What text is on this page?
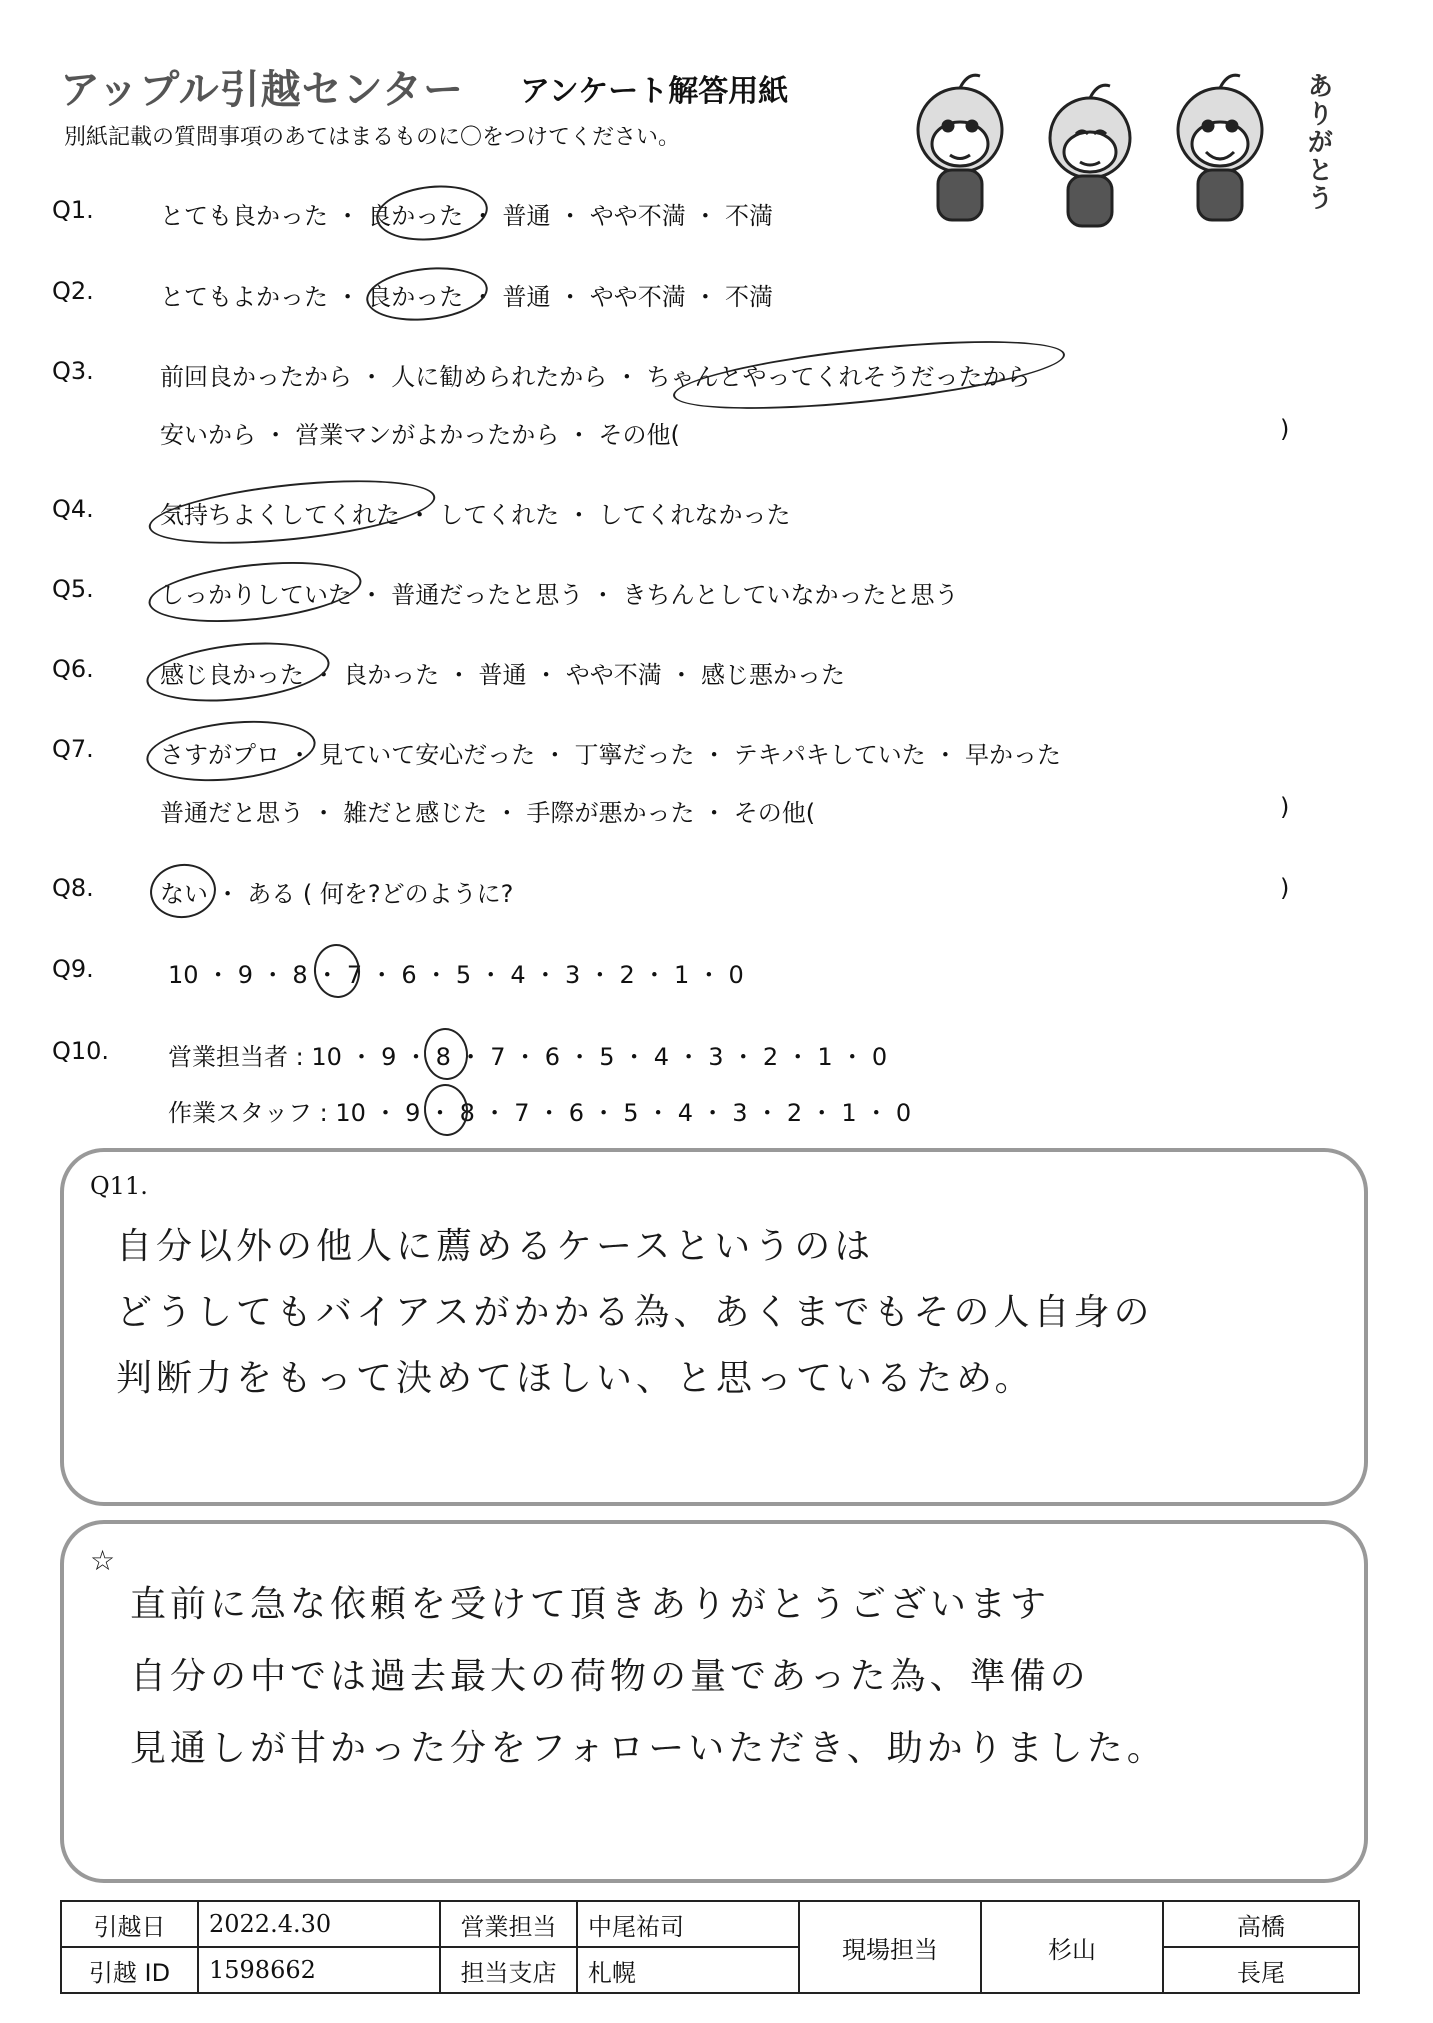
アップル引越センター アンケート解答用紙
別紙記載の質問事項のあてはまるものに〇をつけてください。	ありがとう
Q1.	とても良かった ・ 良かった ・ 普通 ・ やや不満 ・ 不満
Q2.	とてもよかった ・ 良かった ・ 普通 ・ やや不満 ・ 不満
Q3.	前回良かったから ・ 人に勧められたから ・ ちゃんとやってくれそうだったから
安いから ・ 営業マンがよかったから ・ その他(	)
Q4.	気持ちよくしてくれた ・ してくれた ・ してくれなかった
Q5.	しっかりしていた ・ 普通だったと思う ・ きちんとしていなかったと思う
Q6.	感じ良かった ・ 良かった ・ 普通 ・ やや不満 ・ 感じ悪かった
Q7.	さすがプロ ・ 見ていて安心だった ・ 丁寧だった ・ テキパキしていた ・ 早かった
普通だと思う ・ 雑だと感じた ・ 手際が悪かった ・ その他(	)
Q8.	ない ・ ある ( 何を?どのように?	)
Q9.	10 ・ 9 ・ 8 ・ 7 ・ 6 ・ 5 ・ 4 ・ 3 ・ 2 ・ 1 ・ 0
Q10. 営業担当者 : 10 ・ 9 ・ 8 ・ 7 ・ 6 ・ 5 ・ 4 ・ 3 ・ 2 ・ 1 ・ 0
作業スタッフ : 10 ・ 9 ・ 8 ・ 7 ・ 6 ・ 5 ・ 4 ・ 3 ・ 2 ・ 1 ・ 0
Q11.
自分以外の他人に薦めるケースというのは
どうしてもバイアスがかかる為、あくまでもその人自身の
判断力をもって決めてほしい、と思っているため。
☆
直前に急な依頼を受けて頂きありがとうございます
自分の中では過去最大の荷物の量であった為、準備の
見通しが甘かった分をフォローいただき、助かりました。
引越日	2022.4.30	営業担当	中尾祐司	現場担当	杉山	高橋
引越 ID	1598662	担当支店	札幌			長尾
